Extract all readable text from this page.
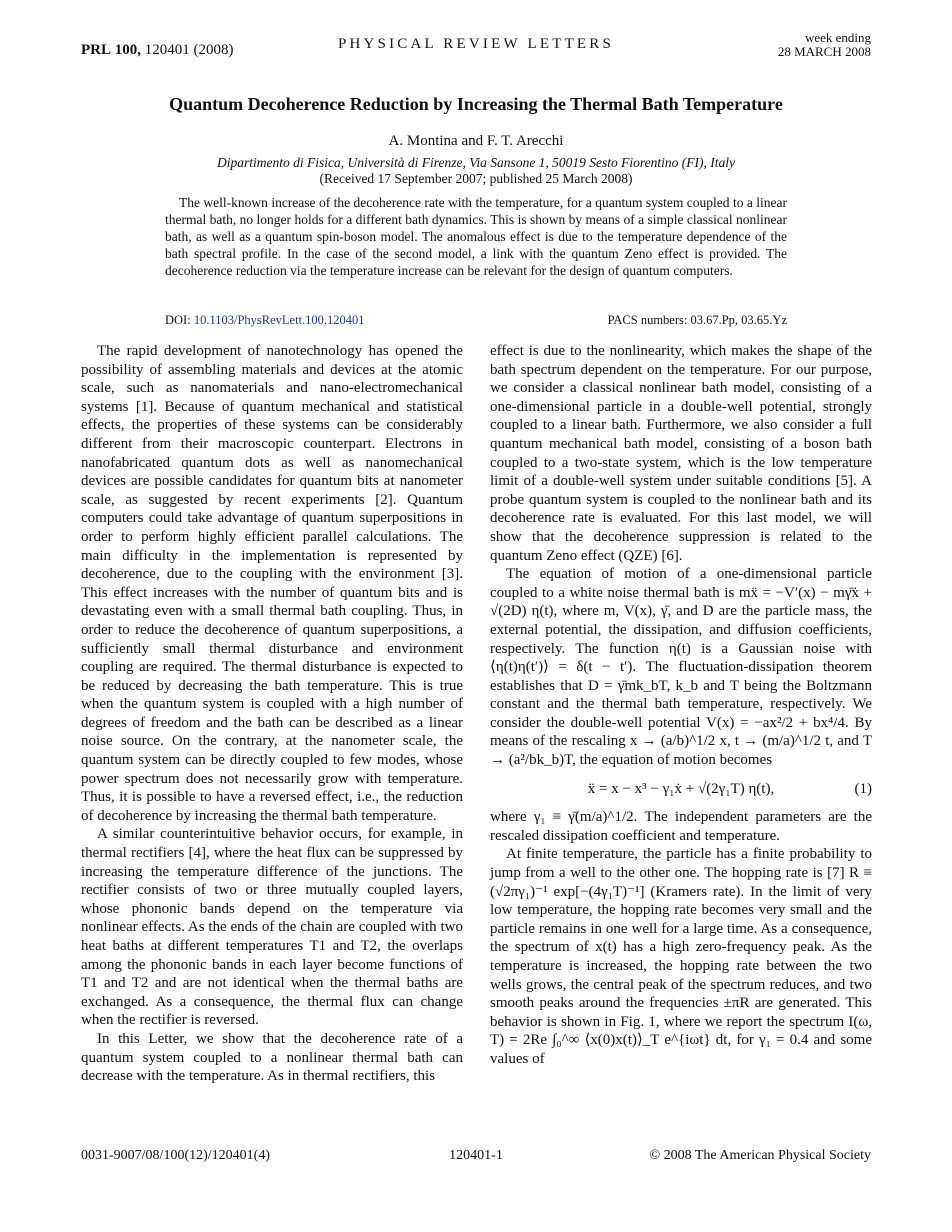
PRL 100, 120401 (2008)	PHYSICAL REVIEW LETTERS	week ending
28 MARCH 2008
Quantum Decoherence Reduction by Increasing the Thermal Bath Temperature
A. Montina and F. T. Arecchi
Dipartimento di Fisica, Università di Firenze, Via Sansone 1, 50019 Sesto Fiorentino (FI), Italy
(Received 17 September 2007; published 25 March 2008)

The well-known increase of the decoherence rate with the temperature, for a quantum system coupled to a linear thermal bath, no longer holds for a different bath dynamics. This is shown by means of a simple classical nonlinear bath, as well as a quantum spin-boson model. The anomalous effect is due to the temperature dependence of the bath spectral profile. In the case of the second model, a link with the quantum Zeno effect is provided. The decoherence reduction via the temperature increase can be relevant for the design of quantum computers.

DOI: 10.1103/PhysRevLett.100.120401	PACS numbers: 03.67.Pp, 03.65.Yz

The rapid development of nanotechnology has opened the possibility of assembling materials and devices at the atomic scale, such as nanomaterials and nano-electromechanical systems [1]. Because of quantum mechanical and statistical effects, the properties of these systems can be considerably different from their macroscopic counterpart. Electrons in nanofabricated quantum dots as well as nanomechanical devices are possible candidates for quantum bits at nanometer scale, as suggested by recent experiments [2]. Quantum computers could take advantage of quantum superpositions in order to perform highly efficient parallel calculations. The main difficulty in the implementation is represented by decoherence, due to the coupling with the environment [3]. This effect increases with the number of quantum bits and is devastating even with a small thermal bath coupling. Thus, in order to reduce the decoherence of quantum superpositions, a sufficiently small thermal disturbance and environment coupling are required. The thermal disturbance is expected to be reduced by decreasing the bath temperature. This is true when the quantum system is coupled with a high number of degrees of freedom and the bath can be described as a linear noise source. On the contrary, at the nanometer scale, the quantum system can be directly coupled to few modes, whose power spectrum does not necessarily grow with temperature. Thus, it is possible to have a reversed effect, i.e., the reduction of decoherence by increasing the thermal bath temperature.

A similar counterintuitive behavior occurs, for example, in thermal rectifiers [4], where the heat flux can be suppressed by increasing the temperature difference of the junctions. The rectifier consists of two or three mutually coupled layers, whose phononic bands depend on the temperature via nonlinear effects. As the ends of the chain are coupled with two heat baths at different temperatures T1 and T2, the overlaps among the phononic bands in each layer become functions of T1 and T2 and are not identical when the thermal baths are exchanged. As a consequence, the thermal flux can change when the rectifier is reversed.

In this Letter, we show that the decoherence rate of a quantum system coupled to a nonlinear thermal bath can decrease with the temperature. As in thermal rectifiers, this

effect is due to the nonlinearity, which makes the shape of the bath spectrum dependent on the temperature. For our purpose, we consider a classical nonlinear bath model, consisting of a one-dimensional particle in a double-well potential, strongly coupled to a linear bath. Furthermore, we also consider a full quantum mechanical bath model, consisting of a boson bath coupled to a two-state system, which is the low temperature limit of a double-well system under suitable conditions [5]. A probe quantum system is coupled to the nonlinear bath and its decoherence rate is evaluated. For this last model, we will show that the decoherence suppression is related to the quantum Zeno effect (QZE) [6].

The equation of motion of a one-dimensional particle coupled to a white noise thermal bath is mẍ = −V′(x) − mγ̄ẋ + √(2D) η(t), where m, V(x), γ̄, and D are the particle mass, the external potential, the dissipation, and diffusion coefficients, respectively. The function η(t) is a Gaussian noise with ⟨η(t)η(t′)⟩ = δ(t − t′). The fluctuation-dissipation theorem establishes that D = γ̄mk_bT, k_b and T being the Boltzmann constant and the thermal bath temperature, respectively. We consider the double-well potential V(x) = −ax²/2 + bx⁴/4. By means of the rescaling x → (a/b)^1/2 x, t → (m/a)^1/2 t, and T → (a²/bk_b)T, the equation of motion becomes

ẍ = x − x³ − γ₁ẋ + √(2γ₁T) η(t),	(1)

where γ₁ ≡ γ̄(m/a)^1/2. The independent parameters are the rescaled dissipation coefficient and temperature.

At finite temperature, the particle has a finite probability to jump from a well to the other one. The hopping rate is [7] R ≡ (√2πγ₁)⁻¹ exp[−(4γ₁T)⁻¹] (Kramers rate). In the limit of very low temperature, the hopping rate becomes very small and the particle remains in one well for a large time. As a consequence, the spectrum of x(t) has a high zero-frequency peak. As the temperature is increased, the hopping rate between the two wells grows, the central peak of the spectrum reduces, and two smooth peaks around the frequencies ±πR are generated. This behavior is shown in Fig. 1, where we report the spectrum I(ω, T) = 2Re ∫₀^∞ ⟨x(0)x(t)⟩_T e^{iωt} dt, for γ₁ = 0.4 and some values of

0031-9007/08/100(12)/120401(4)	120401-1	© 2008 The American Physical Society
